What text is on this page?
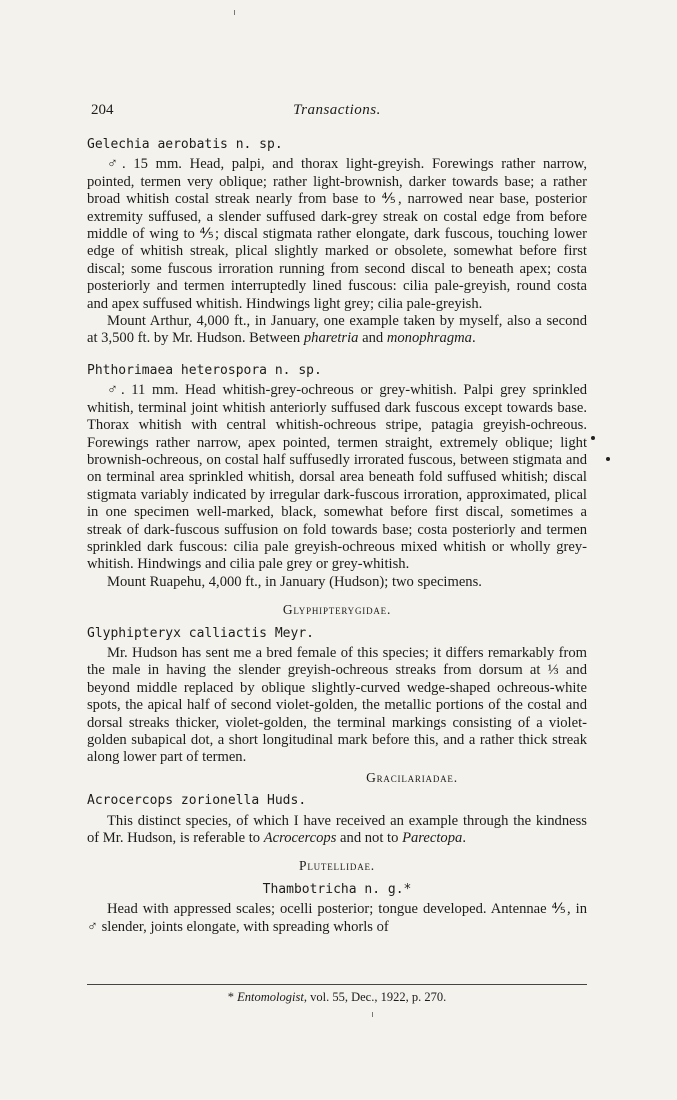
204	Transactions.
Gelechia aerobatis n. sp.

♂. 15 mm. Head, palpi, and thorax light-greyish. Forewings rather narrow, pointed, termen very oblique; rather light-brownish, darker towards base; a rather broad whitish costal streak nearly from base to ⅘, narrowed near base, posterior extremity suffused, a slender suffused dark-grey streak on costal edge from before middle of wing to ⅘; discal stigmata rather elongate, dark fuscous, touching lower edge of whitish streak, plical slightly marked or obsolete, somewhat before first discal; some fuscous irroration running from second discal to beneath apex; costa posteriorly and termen interruptedly lined fuscous: cilia pale-greyish, round costa and apex suffused whitish. Hindwings light grey; cilia pale-greyish.

Mount Arthur, 4,000 ft., in January, one example taken by myself, also a second at 3,500 ft. by Mr. Hudson. Between pharetria and monophragma.

Phthorimaea heterospora n. sp.

♂. 11 mm. Head whitish-grey-ochreous or grey-whitish. Palpi grey sprinkled whitish, terminal joint whitish anteriorly suffused dark fuscous except towards base. Thorax whitish with central whitish-ochreous stripe, patagia greyish-ochreous. Forewings rather narrow, apex pointed, termen straight, extremely oblique; light brownish-ochreous, on costal half suffusedly irrorated fuscous, between stigmata and on terminal area sprinkled whitish, dorsal area beneath fold suffused whitish; discal stigmata variably indicated by irregular dark-fuscous irroration, approximated, plical in one specimen well-marked, black, somewhat before first discal, sometimes a streak of dark-fuscous suffusion on fold towards base; costa posteriorly and termen sprinkled dark fuscous: cilia pale greyish-ochreous mixed whitish or wholly grey-whitish. Hindwings and cilia pale grey or grey-whitish.

Mount Ruapehu, 4,000 ft., in January (Hudson); two specimens.

Glyphipterygidae.
Glyphipteryx calliactis Meyr.

Mr. Hudson has sent me a bred female of this species; it differs remarkably from the male in having the slender greyish-ochreous streaks from dorsum at ⅓ and beyond middle replaced by oblique slightly-curved wedge-shaped ochreous-white spots, the apical half of second violet-golden, the metallic portions of the costal and dorsal streaks thicker, violet-golden, the terminal markings consisting of a violet-golden subapical dot, a short longitudinal mark before this, and a rather thick streak along lower part of termen.

Gracilariadae.
Acrocercops zorionella Huds.

This distinct species, of which I have received an example through the kindness of Mr. Hudson, is referable to Acrocercops and not to Parectopa.

Plutellidae.
Thambotricha n. g.*

Head with appressed scales; ocelli posterior; tongue developed. Antennae ⅘, in ♂ slender, joints elongate, with spreading whorls of

* Entomologist, vol. 55, Dec., 1922, p. 270.
